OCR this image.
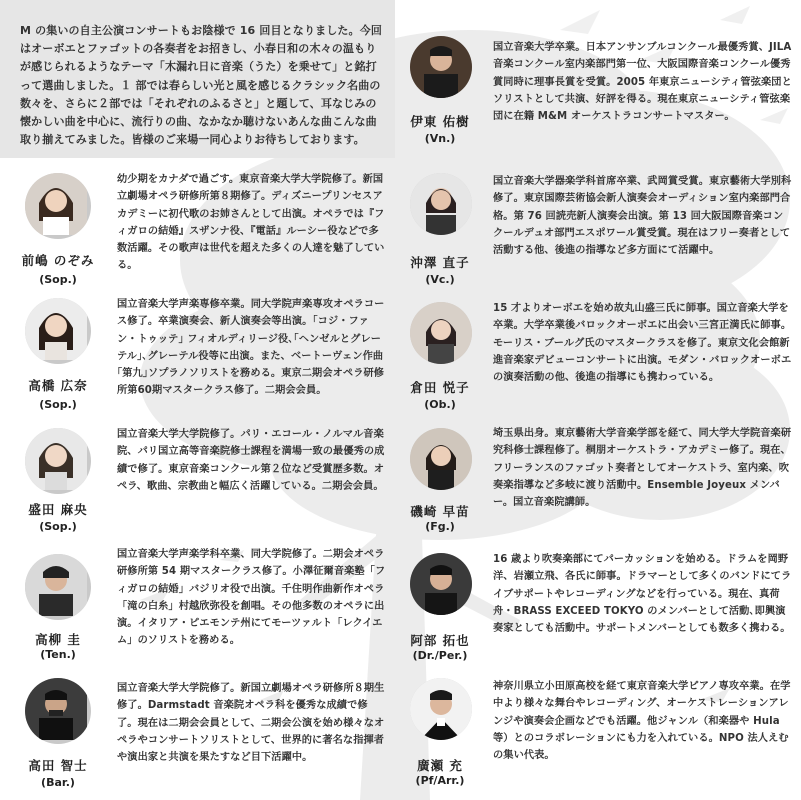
M の集いの自主公演コンサートもお陰様で 16 回目となりました。今回はオーボエとファゴットの各奏者をお招きし、小春日和の木々の温もりが感じられるようなテーマ「木漏れ日に音楽（うた）を乗せて」と銘打って選曲しました。１ 部では春らしい光と風を感じるクラシック名曲の数々を、さらに２部では「それぞれのふるさと」と題して、耳なじみの懐かしい曲を中心に、流行りの曲、なかなか聴けないあんな曲こんな曲取り揃えてみました。皆様のご来場一同心よりお待ちしております。

伊東 佑樹
(Vn.)

国立音楽大学卒業。日本アンサンブルコンクール最優秀賞、JILA 音楽コンクール室内楽部門第一位、大阪国際音楽コンクール優秀賞同時に理事長賞を受賞。2005 年東京ニューシティ管弦楽団とソリストとして共演、好評を得る。現在東京ニューシティ管弦楽団に在籍 M&M オーケストラコンサートマスター。

沖澤 直子
(Vc.)

国立音楽大学器楽学科首席卒業、武岡賞受賞。東京藝術大学別科修了。東京国際芸術協会新人演奏会オーディション室内楽部門合格。第 76 回読売新人演奏会出演。第 13 回大阪国際音楽コンクールデュオ部門エスポワール賞受賞。現在はフリー奏者として活動する他、後進の指導など多方面にて活躍中。

倉田 悦子
(Ob.)

15 才よりオーボエを始め故丸山盛三氏に師事。国立音楽大学を卒業。大学卒業後バロックオーボエに出会い三宮正満氏に師事。モーリス・ブールグ氏のマスタークラスを修了。東京文化会館新進音楽家デビューコンサートに出演。モダン・バロックオーボエの演奏活動の他、後進の指導にも携わっている。

磯崎 早苗
(Fg.)

埼玉県出身。東京藝術大学音楽学部を経て、同大学大学院音楽研究科修士課程修了。桐朋オーケストラ・アカデミー修了。現在、フリーランスのファゴット奏者としてオーケストラ、室内楽、吹奏楽指導など多岐に渡り活動中。Ensemble Joyeux メンバー。国立音楽院講師。

阿部 拓也
(Dr./Per.)

16 歳より吹奏楽部にてパーカッションを始める。ドラムを岡野洋、岩瀬立飛、各氏に師事。ドラマーとして多くのバンドにてライブサポートやレコーディングなどを行っている。現在、真荷舟・BRASS EXCEED TOKYO のメンバーとして活動､即興演奏家としても活動中。サポートメンバーとしても数多く携わる。

廣瀬 充
(Pf/Arr.)

神奈川県立小田原高校を経て東京音楽大学ピアノ専攻卒業。在学中より様々な舞台やレコーディング、オーケストレーションアレンジや演奏会企画などでも活躍。他ジャンル（和楽器や Hula 等）とのコラボレーションにも力を入れている。NPO 法人えむの集い代表。

前嶋 のぞみ
(Sop.)

幼少期をカナダで過ごす。東京音楽大学大学院修了。新国立劇場オペラ研修所第８期修了。ディズニープリンセスアカデミーに初代歌のお姉さんとして出演。オペラでは『フィガロの結婚』スザンナ役、『電話』ルーシー役などで多数活躍。その歌声は世代を超えた多くの人達を魅了している。

高橋 広奈
(Sop.)

国立音楽大学声楽専修卒業。同大学院声楽専攻オペラコース修了。卒業演奏会、新人演奏会等出演。｢コジ・ファン・トゥッテ｣ フィオルディリージ役､｢ヘンゼルとグレーテル｣､グレーテル役等に出演。また、ベートーヴェン作曲｢第九｣ソプラノソリストを務める。東京二期会オペラ研修所第60期マスタークラス修了。二期会会員。

盛田 麻央
(Sop.)

国立音楽大学大学院修了。パリ・エコール・ノルマル音楽院、パリ国立高等音楽院修士課程を満場一致の最優秀の成績で修了。東京音楽コンクール第２位など受賞歴多数。オペラ、歌曲、宗教曲と幅広く活躍している。二期会会員。

高柳 圭
(Ten.)

国立音楽大学声楽学科卒業、同大学院修了。二期会オペラ研修所第 54 期マスタークラス修了。小澤征爾音楽塾「フィガロの結婚」バジリオ役で出演。千住明作曲新作オペラ「滝の白糸」村越欣弥役を創唱。その他多数のオペラに出演。イタリア・ピエモンテ州にてモーツァルト「レクイエム」のソリストを務める。

高田 智士
(Bar.)

国立音楽大学大学院修了。新国立劇場オペラ研修所８期生修了。Darmstadt 音楽院オペラ科を優秀な成績で修了。現在は二期会会員として、二期会公演を始め様々なオペラやコンサートソリストとして、世界的に著名な指揮者や演出家と共演を果たすなど目下活躍中。
